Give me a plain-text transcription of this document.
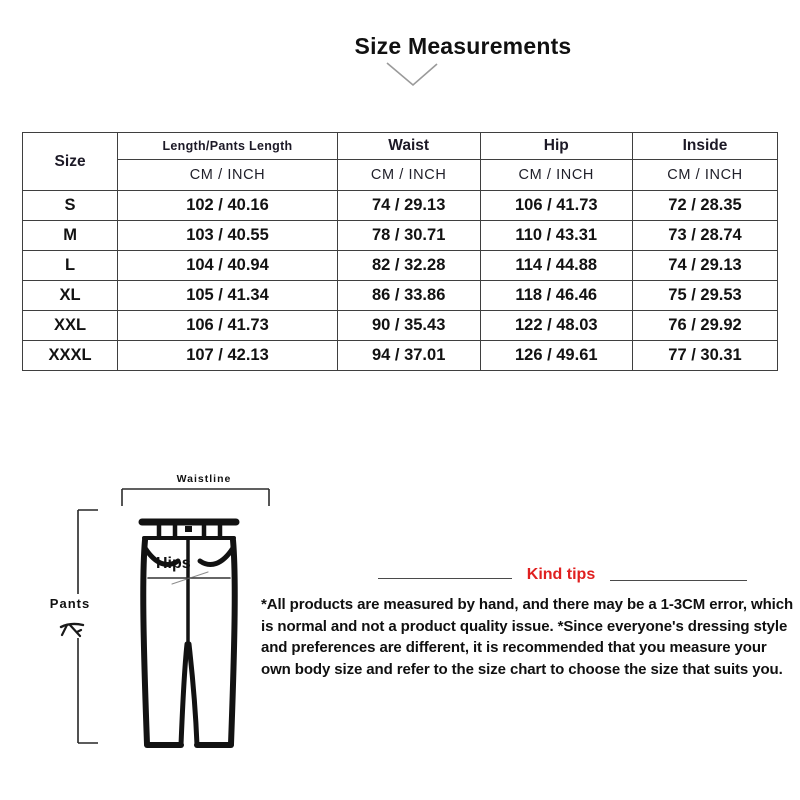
Size Measurements
Size	Length/Pants Length	Waist	Hip	Inside
	CM / INCH	CM / INCH	CM / INCH	CM / INCH
S	102 / 40.16	74 / 29.13	106 / 41.73	72 / 28.35
M	103 / 40.55	78 / 30.71	110 / 43.31	73 / 28.74
L	104 / 40.94	82 / 32.28	114 / 44.88	74 / 29.13
XL	105 / 41.34	86 / 33.86	118 / 46.46	75 / 29.53
XXL	106 / 41.73	90 / 35.43	122 / 48.03	76 / 29.92
XXXL	107 / 42.13	94 / 37.01	126 / 49.61	77 / 30.31
Waistline
Pants
Hips
Kind tips
*All products are measured by hand, and there may be a 1-3CM error, which is normal and not a product quality issue. *Since everyone's dressing style and preferences are different, it is recommended that you measure your own body size and refer to the size chart to choose the size that suits you.
